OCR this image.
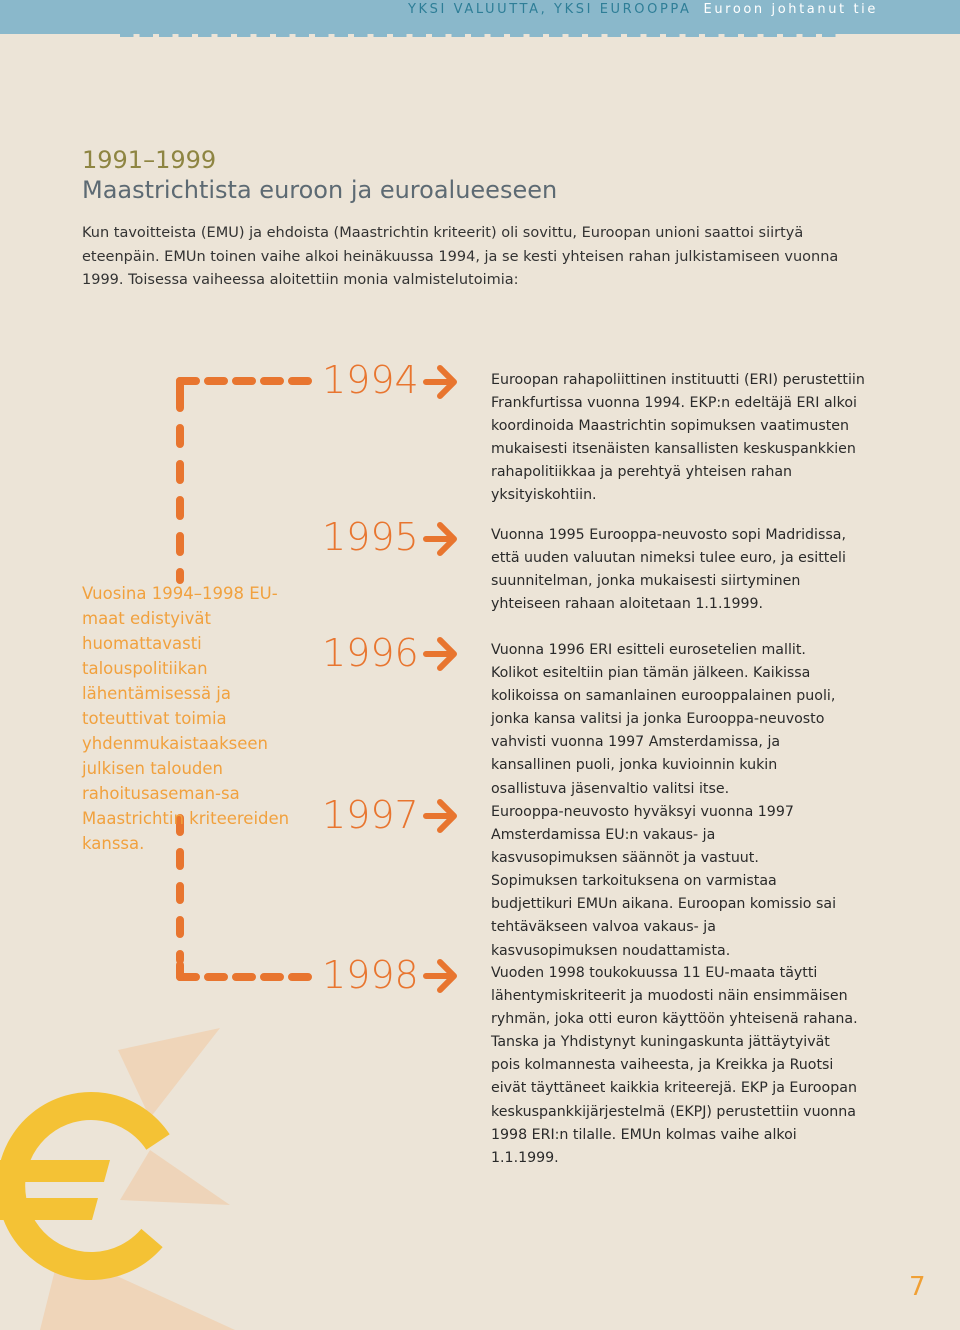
YKSI VALUUTTA, YKSI EUROOPPA Euroon johtanut tie
1991–1999
Maastrichtista euroon ja euroalueeseen

Kun tavoitteista (EMU) ja ehdoista (Maastrichtin kriteerit) oli sovittu, Euroopan unioni saattoi siirtyä eteenpäin. EMUn toinen vaihe alkoi heinäkuussa 1994, ja se kesti yhteisen rahan julkistamiseen vuonna 1999. Toisessa vaiheessa aloitettiin monia valmistelutoimia:

1994
1995
1996
1997
1998
Euroopan rahapoliittinen instituutti (ERI) perustettiin Frankfurtissa vuonna 1994. EKP:n edeltäjä ERI alkoi koordinoida Maastrichtin sopimuksen vaatimusten mukaisesti itsenäisten kansallisten keskuspankkien rahapolitiikkaa ja perehtyä yhteisen rahan yksityiskohtiin.
Vuonna 1995 Eurooppa-neuvosto sopi Madridissa, että uuden valuutan nimeksi tulee euro, ja esitteli suunnitelman, jonka mukaisesti siirtyminen yhteiseen rahaan aloitetaan 1.1.1999.
Vuonna 1996 ERI esitteli eurosetelien mallit. Kolikot esiteltiin pian tämän jälkeen. Kaikissa kolikoissa on samanlainen eurooppalainen puoli, jonka kansa valitsi ja jonka Eurooppa-neuvosto vahvisti vuonna 1997 Amsterdamissa, ja kansallinen puoli, jonka kuvioinnin kukin osallistuva jäsenvaltio valitsi itse.
Eurooppa-neuvosto hyväksyi vuonna 1997 Amsterdamissa EU:n vakaus- ja kasvusopimuksen säännöt ja vastuut. Sopimuksen tarkoituksena on varmistaa budjettikuri EMUn aikana. Euroopan komissio sai tehtäväkseen valvoa vakaus- ja kasvusopimuksen noudattamista.
Vuoden 1998 toukokuussa 11 EU-maata täytti lähentymiskriteerit ja muodosti näin ensimmäisen ryhmän, joka otti euron käyttöön yhteisenä rahana. Tanska ja Yhdistynyt kuningaskunta jättäytyivät pois kolmannesta vaiheesta, ja Kreikka ja Ruotsi eivät täyttäneet kaikkia kriteerejä. EKP ja Euroopan keskuspankkijärjestelmä (EKPJ) perustettiin vuonna 1998 ERI:n tilalle. EMUn kolmas vaihe alkoi 1.1.1999.
Vuosina 1994–1998 EU-maat edistyivät huomattavasti talouspolitiikan lähentämisessä ja toteuttivat toimia yhdenmukaistaakseen julkisen talouden rahoitusaseman-sa Maastrichtin kriteereiden kanssa.
7
